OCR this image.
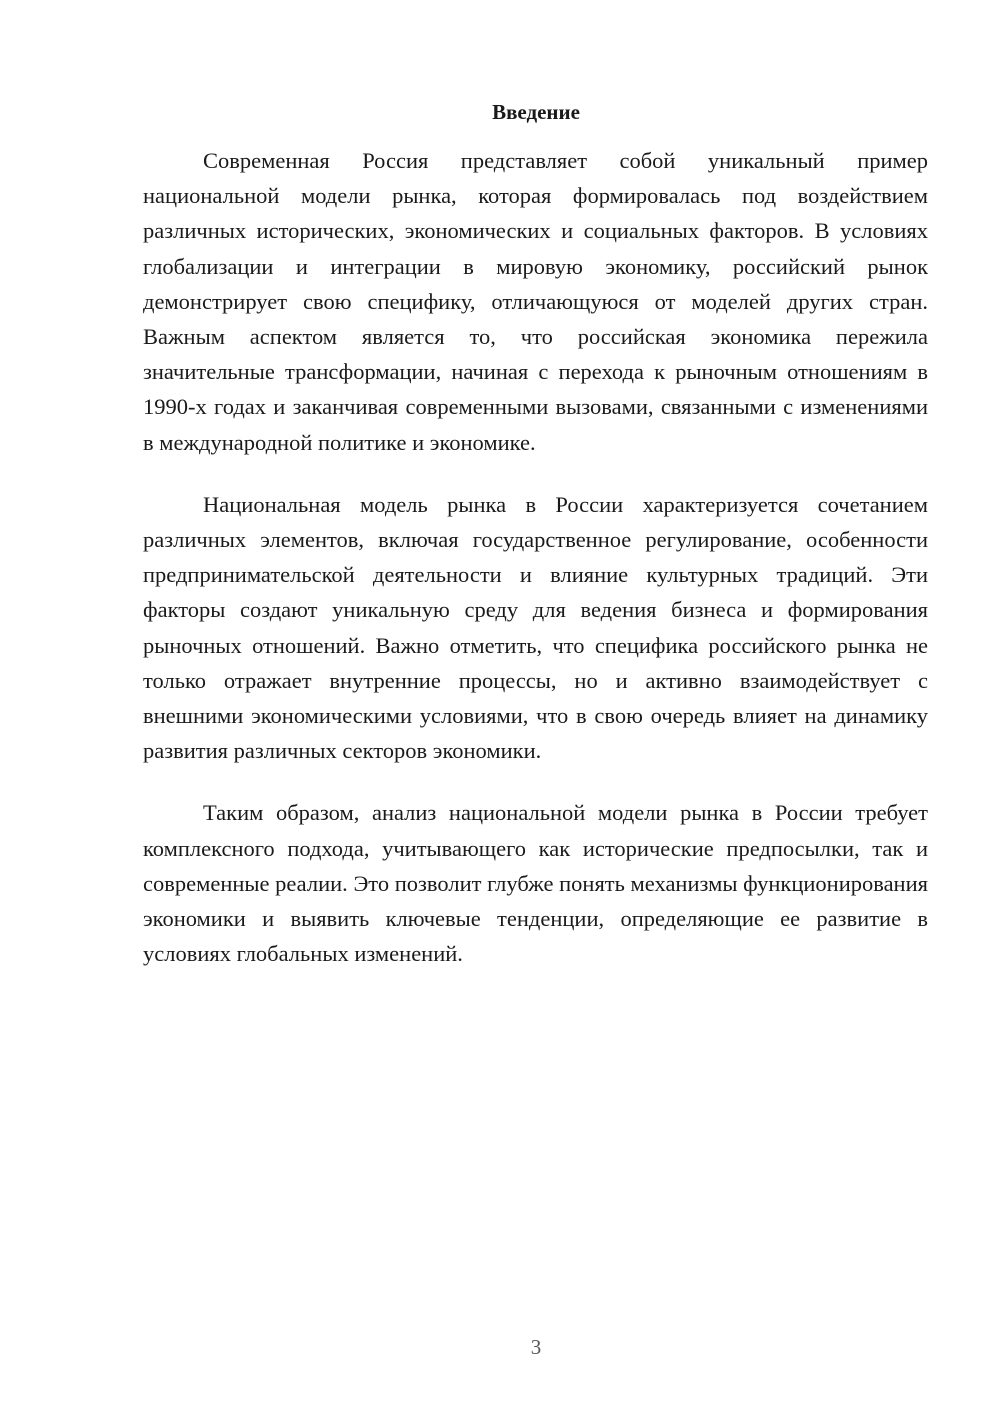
Введение

Современная Россия представляет собой уникальный пример национальной модели рынка, которая формировалась под воздействием различных исторических, экономических и социальных факторов. В условиях глобализации и интеграции в мировую экономику, российский рынок демонстрирует свою специфику, отличающуюся от моделей других стран. Важным аспектом является то, что российская экономика пережила значительные трансформации, начиная с перехода к рыночным отношениям в 1990-х годах и заканчивая современными вызовами, связанными с изменениями в международной политике и экономике.

Национальная модель рынка в России характеризуется сочетанием различных элементов, включая государственное регулирование, особенности предпринимательской деятельности и влияние культурных традиций. Эти факторы создают уникальную среду для ведения бизнеса и формирования рыночных отношений. Важно отметить, что специфика российского рынка не только отражает внутренние процессы, но и активно взаимодействует с внешними экономическими условиями, что в свою очередь влияет на динамику развития различных секторов экономики.

Таким образом, анализ национальной модели рынка в России требует комплексного подхода, учитывающего как исторические предпосылки, так и современные реалии. Это позволит глубже понять механизмы функционирования экономики и выявить ключевые тенденции, определяющие ее развитие в условиях глобальных изменений.

3
